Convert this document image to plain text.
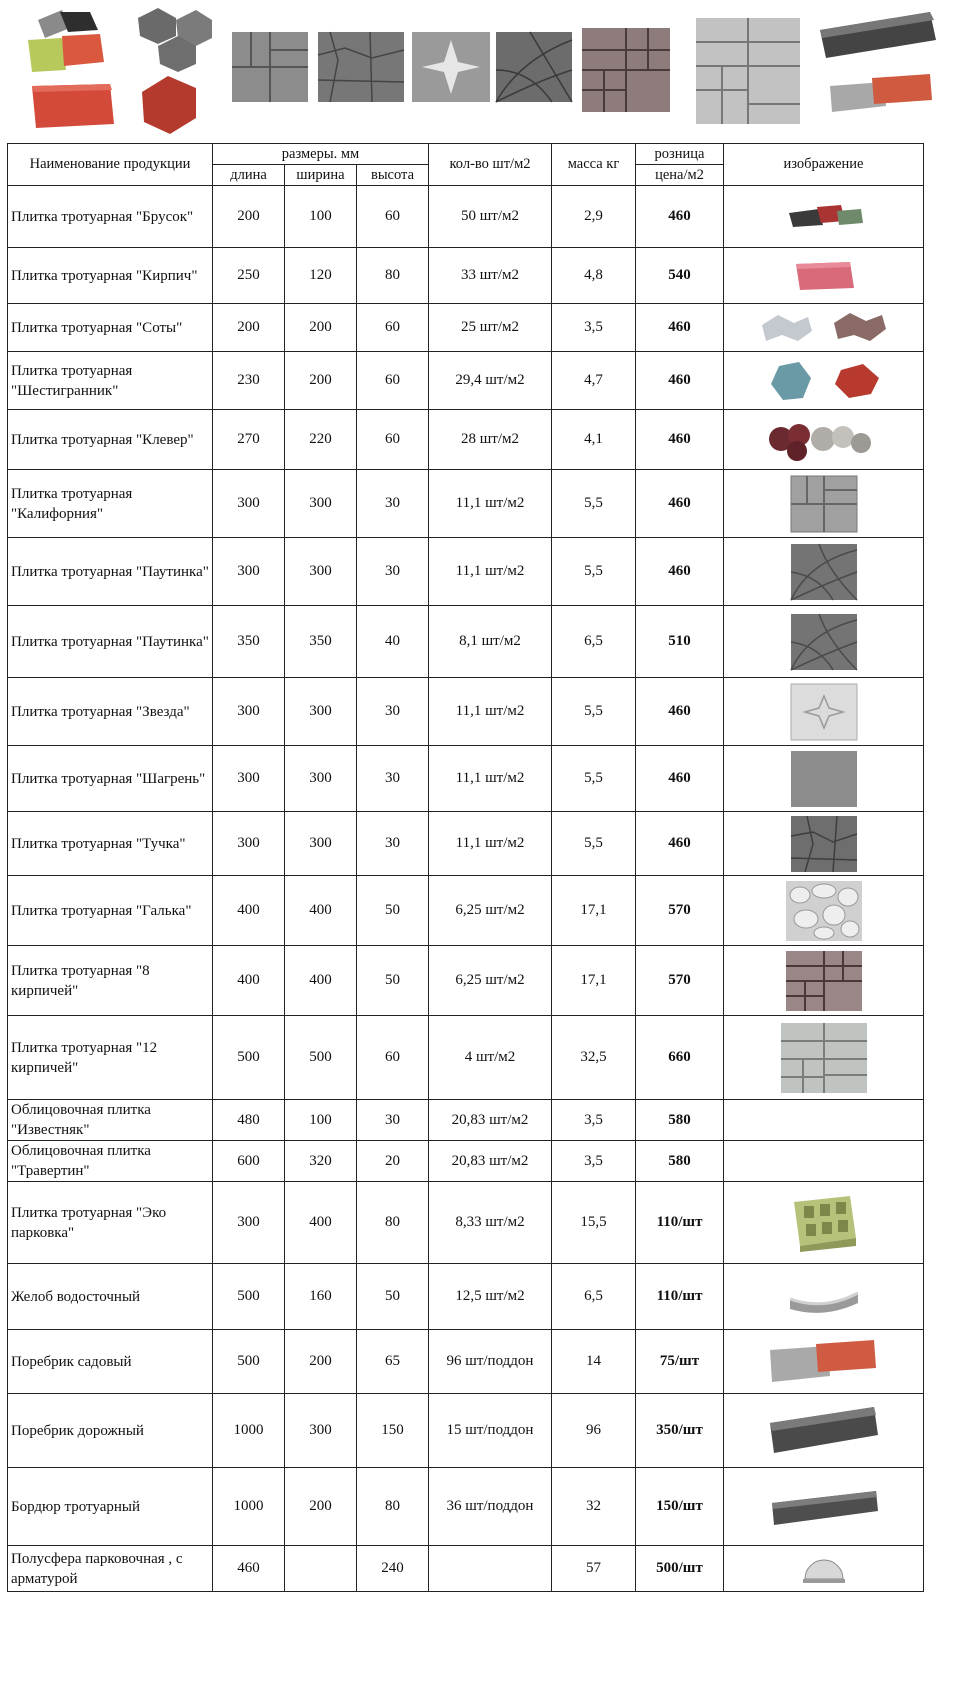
Наименование продукции	размеры. мм			кол-во шт/м2	масса кг	розница	изображение
	длина	ширина	высота			цена/м2	
Плитка тротуарная "Брусок"	200	100	60	50 шт/м2	2,9	460	

Плитка тротуарная "Кирпич"	250	120	80	33 шт/м2	4,8	540	

Плитка тротуарная "Соты"	200	200	60	25 шт/м2	3,5	460	

Плитка тротуарная "Шестигранник"	230	200	60	29,4 шт/м2	4,7	460	

Плитка тротуарная "Клевер"	270	220	60	28 шт/м2	4,1	460	

Плитка тротуарная "Калифорния"	300	300	30	11,1 шт/м2	5,5	460	

Плитка тротуарная "Паутинка"	300	300	30	11,1 шт/м2	5,5	460	

Плитка тротуарная "Паутинка"	350	350	40	8,1 шт/м2	6,5	510	

Плитка тротуарная "Звезда"	300	300	30	11,1 шт/м2	5,5	460	

Плитка тротуарная "Шагрень"	300	300	30	11,1 шт/м2	5,5	460	

Плитка тротуарная "Тучка"	300	300	30	11,1 шт/м2	5,5	460	

Плитка тротуарная "Галька"	400	400	50	6,25 шт/м2	17,1	570	

Плитка тротуарная "8 кирпичей"	400	400	50	6,25 шт/м2	17,1	570	

Плитка тротуарная "12 кирпичей"	500	500	60	4 шт/м2	32,5	660	

Облицовочная плитка "Известняк"	480	100	30	20,83 шт/м2	3,5	580	
Облицовочная плитка "Травертин"	600	320	20	20,83 шт/м2	3,5	580	
Плитка тротуарная "Эко парковка"	300	400	80	8,33 шт/м2	15,5	110/шт	

Желоб водосточный	500	160	50	12,5 шт/м2	6,5	110/шт	

Поребрик садовый	500	200	65	96 шт/поддон	14	75/шт	

Поребрик дорожный	1000	300	150	15 шт/поддон	96	350/шт	

Бордюр тротуарный	1000	200	80	36 шт/поддон	32	150/шт	

Полусфера парковочная , с арматурой	460		240		57	500/шт	
